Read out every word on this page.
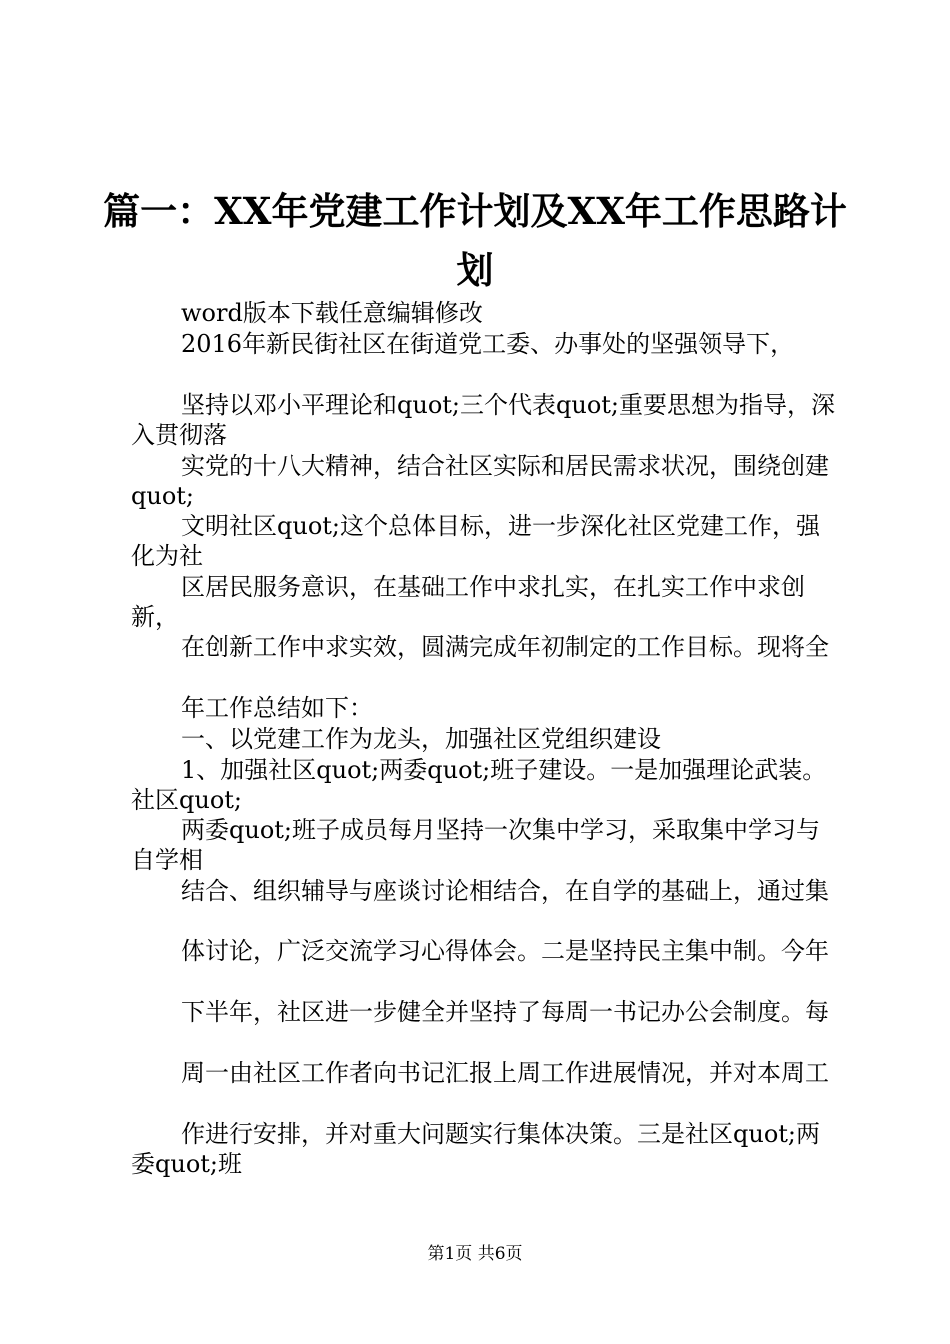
篇一：XX年党建工作计划及XX年工作思路计
划
word版本下载任意编辑修改
2016年新民街社区在街道党工委、办事处的坚强领导下，

坚持以邓小平理论和quot;三个代表quot;重要思想为指导，深入贯彻落

实党的十八大精神，结合社区实际和居民需求状况，围绕创建quot;

文明社区quot;这个总体目标，进一步深化社区党建工作，强化为社

区居民服务意识，在基础工作中求扎实，在扎实工作中求创新，

在创新工作中求实效，圆满完成年初制定的工作目标。现将全

年工作总结如下：

一、以党建工作为龙头，加强社区党组织建设

1、加强社区quot;两委quot;班子建设。一是加强理论武装。社区quot;

两委quot;班子成员每月坚持一次集中学习，采取集中学习与自学相

结合、组织辅导与座谈讨论相结合，在自学的基础上，通过集

体讨论，广泛交流学习心得体会。二是坚持民主集中制。今年

下半年，社区进一步健全并坚持了每周一书记办公会制度。每

周一由社区工作者向书记汇报上周工作进展情况，并对本周工

作进行安排，并对重大问题实行集体决策。三是社区quot;两委quot;班

第1页 共6页
